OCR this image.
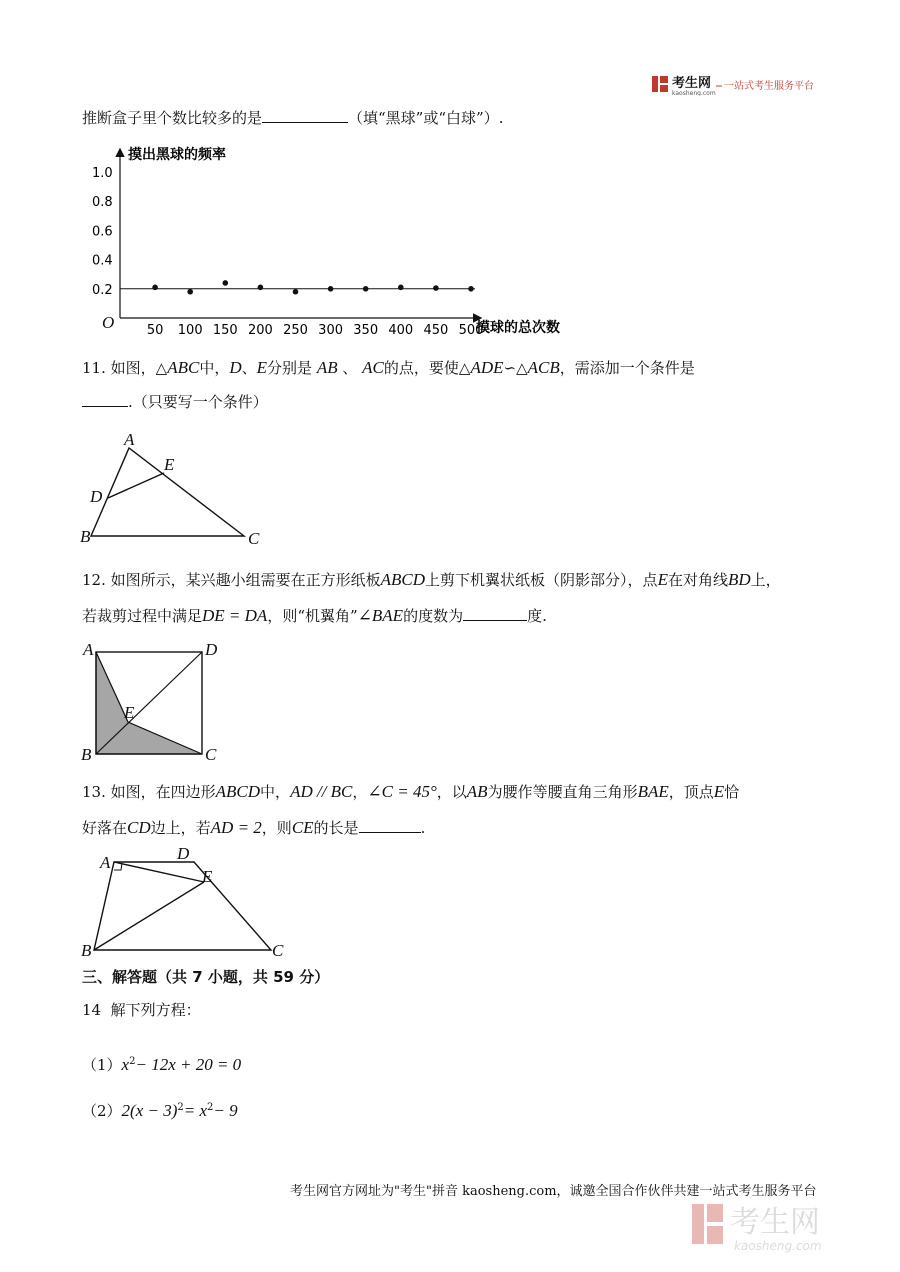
考生网
kaosheng.com
一站式考生服务平台
推断盒子里个数比较多的是	（填“黑球”或“白球”）.
摸出黑球的频率
摸球的总次数
O
1.0
0.8
0.6
0.4
0.2
50 100 150 200 250 300 350 400 450 500
11. 如图，△ABC中，D、E分别是 AB 、 AC的点，要使△ADE∽△ACB，需添加一个条件是
.（只要写一个条件）
A
E
D
B	C
12. 如图所示，某兴趣小组需要在正方形纸板ABCD上剪下机翼状纸板（阴影部分），点E在对角线BD上，
若裁剪过程中满足DE = DA，则“机翼角”∠BAE的度数为	度.
A	D
E
B	C
13. 如图，在四边形ABCD中，AD // BC，∠C = 45°，以AB为腰作等腰直角三角形BAE，顶点E恰
好落在CD边上，若AD = 2，则CE的长是	.
A	D
E
B	C
三、解答题（共 7 小题，共 59 分）
14 解下列方程：
$(1)x^2- 12x + 20 = 0$
$(2)2(x - 3)^2= x^2- 9$
考生网官方网址为"考生"拼音 kaosheng.com，诚邀全国合作伙伴共建一站式考生服务平台
考生网
kaosheng.com
